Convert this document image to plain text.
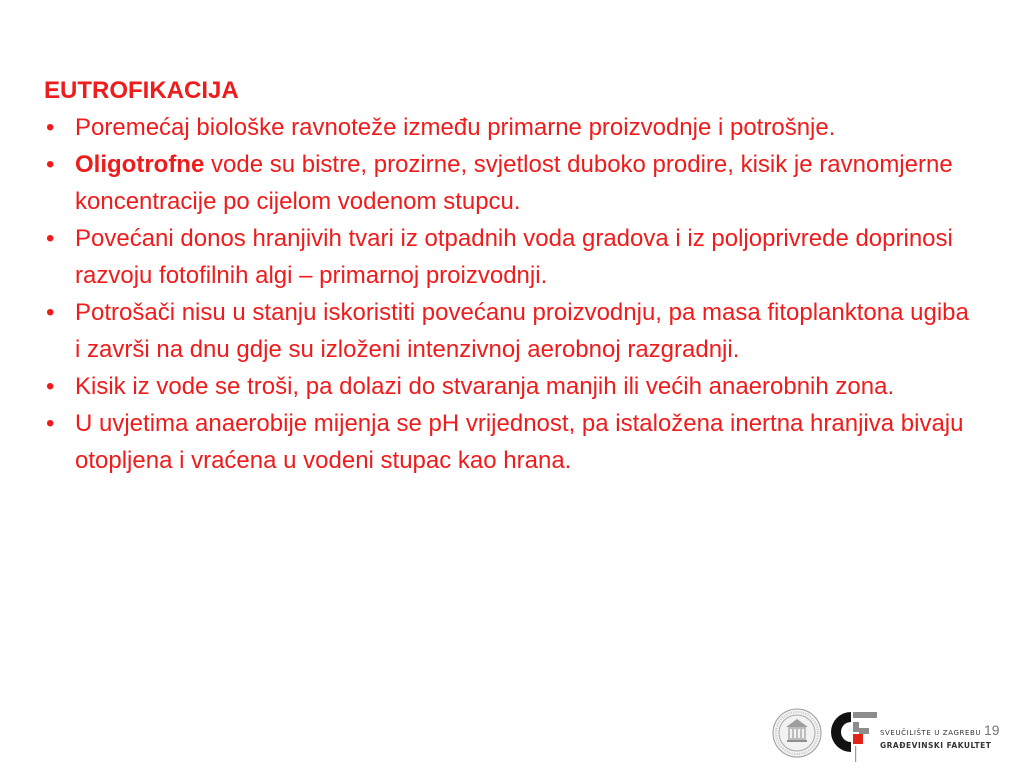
EUTROFIKACIJA

• Poremećaj biološke ravnoteže između primarne proizvodnje i potrošnje.
• Oligotrofne vode su bistre, prozirne, svjetlost duboko prodire, kisik je ravnomjerne koncentracije po cijelom vodenom stupcu.
• Povećani donos hranjivih tvari iz otpadnih voda gradova i iz poljoprivrede doprinosi razvoju fotofilnih algi – primarnoj proizvodnji.
• Potrošači nisu u stanju iskoristiti povećanu proizvodnju, pa masa fitoplanktona ugiba i završi na dnu gdje su izloženi intenzivnoj aerobnoj razgradnji.
• Kisik iz vode se troši, pa dolazi do stvaranja manjih ili većih anaerobnih zona.
• U uvjetima anaerobije mijenja se pH vrijednost, pa istaložena inertna hranjiva bivaju otopljena i vraćena u vodeni stupac kao hrana.
SVEUČILIŠTE U ZAGREBU
GRAĐEVINSKI FAKULTET
19
